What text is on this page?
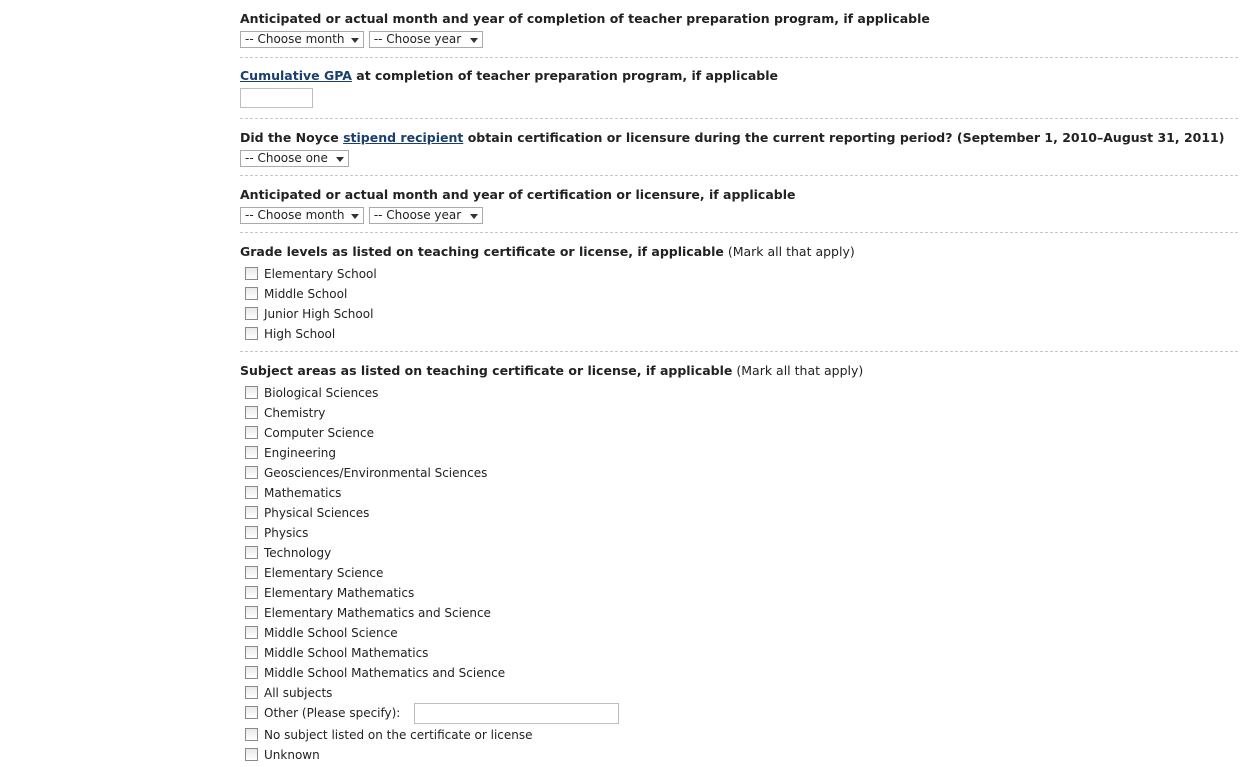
Anticipated or actual month and year of completion of teacher preparation program, if applicable
-- Choose month -- Choose year
Cumulative GPA at completion of teacher preparation program, if applicable
Did the Noyce stipend recipient obtain certification or licensure during the current reporting period? (September 1, 2010–August 31, 2011)
-- Choose one
Anticipated or actual month and year of certification or licensure, if applicable
-- Choose month -- Choose year
Grade levels as listed on teaching certificate or license, if applicable (Mark all that apply)
Elementary School
Middle School
Junior High School
High School
Subject areas as listed on teaching certificate or license, if applicable (Mark all that apply)
Biological Sciences
Chemistry
Computer Science
Engineering
Geosciences/Environmental Sciences
Mathematics
Physical Sciences
Physics
Technology
Elementary Science
Elementary Mathematics
Elementary Mathematics and Science
Middle School Science
Middle School Mathematics
Middle School Mathematics and Science
All subjects
Other (Please specify):
No subject listed on the certificate or license
Unknown
